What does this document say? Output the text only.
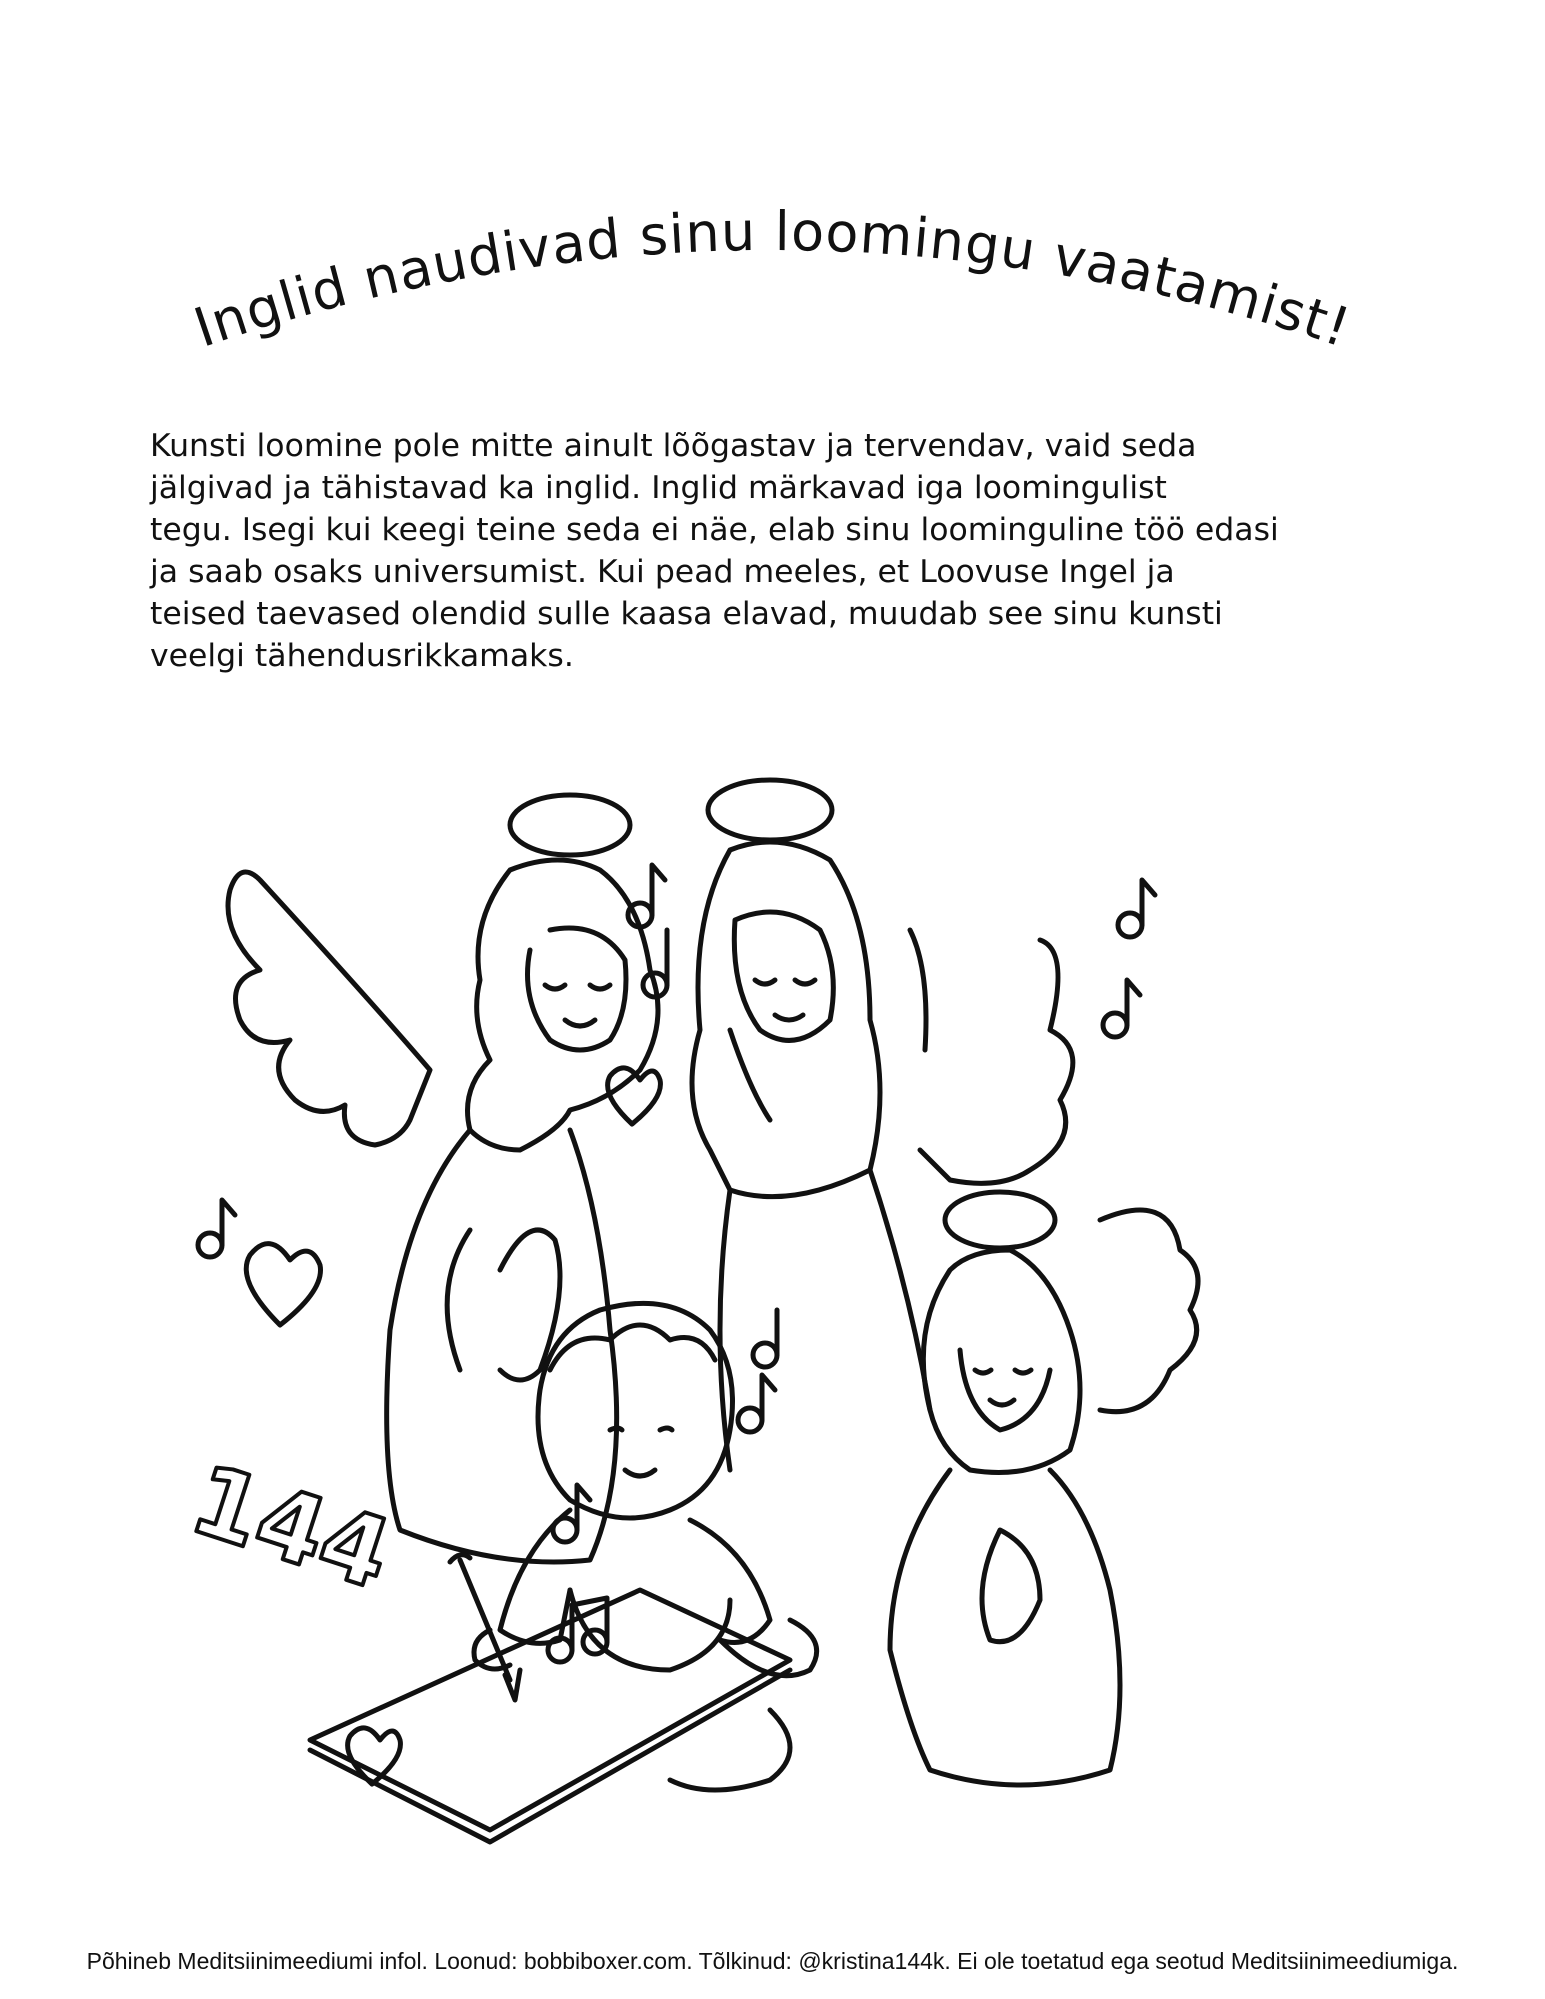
Inglid naudivad sinu loomingu vaatamist!

Kunsti loomine pole mitte ainult lõõgastav ja tervendav, vaid seda

jälgivad ja tähistavad ka inglid. Inglid märkavad iga loomingulist

tegu. Isegi kui keegi teine seda ei näe, elab sinu loominguline töö edasi

ja saab osaks universumist. Kui pead meeles, et Loovuse Ingel ja

teised taevased olendid sulle kaasa elavad, muudab see sinu kunsti

veelgi tähendusrikkamaks.

144
Põhineb Meditsiinimeediumi infol. Loonud: bobbiboxer.com. Tõlkinud: @kristina144k. Ei ole toetatud ega seotud Meditsiinimeediumiga.
